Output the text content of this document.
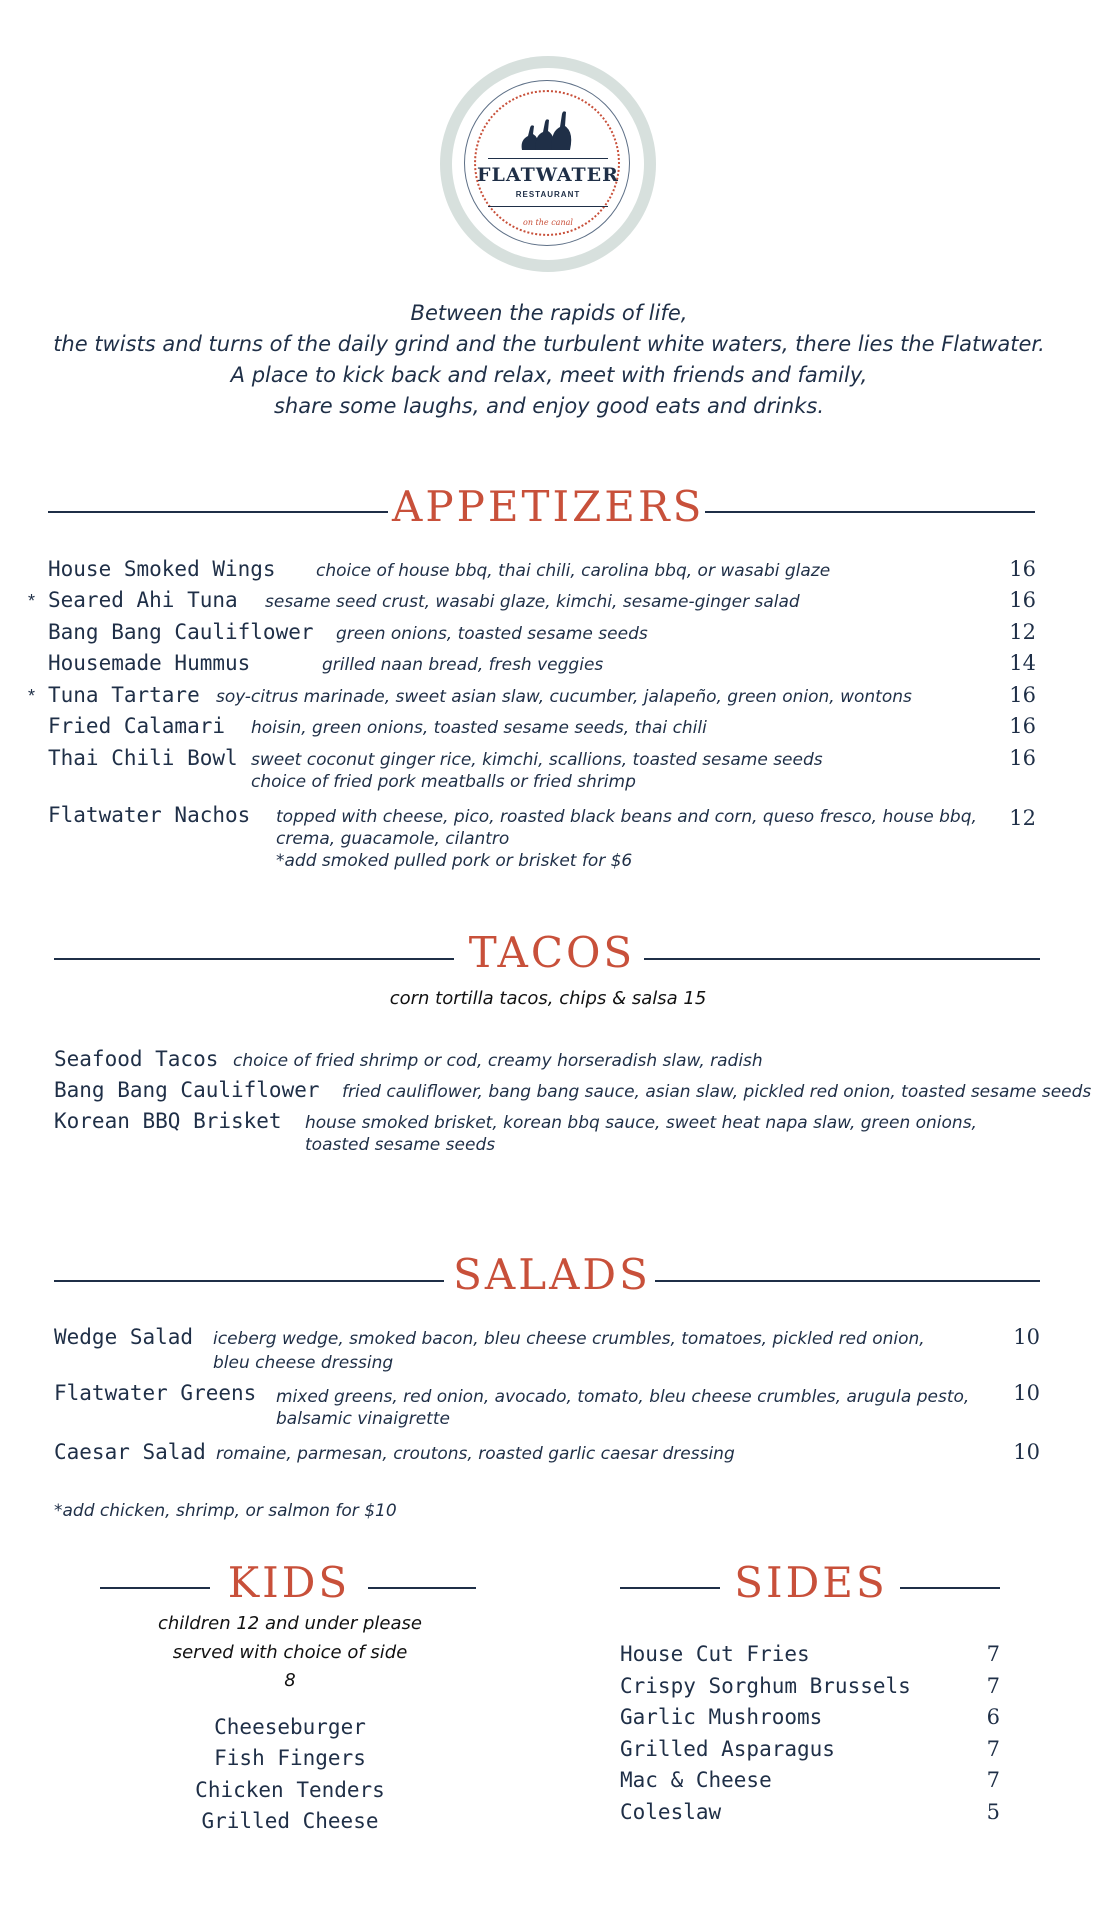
FLATWATER
RESTAURANT
on the canal
Between the rapids of life,
the twists and turns of the daily grind and the turbulent white waters, there lies the Flatwater.
A place to kick back and relax, meet with friends and family,
share some laughs, and enjoy good eats and drinks.
APPETIZERS
House Smoked Wings choice of house bbq, thai chili, carolina bbq, or wasabi glaze	16
* Seared Ahi Tuna sesame seed crust, wasabi glaze, kimchi, sesame-ginger salad	16
Bang Bang Cauliflower green onions, toasted sesame seeds	12
Housemade Hummus	grilled naan bread, fresh veggies	14
* Tuna Tartare soy-citrus marinade, sweet asian slaw, cucumber, jalapeño, green onion, wontons	16
Fried Calamari hoisin, green onions, toasted sesame seeds, thai chili	16
Thai Chili Bowl sweet coconut ginger rice, kimchi, scallions, toasted sesame seeds
choice of fried pork meatballs or fried shrimp
16
Flatwater Nachos topped with cheese, pico, roasted black beans and corn, queso fresco, house bbq,
crema, guacamole, cilantro
*add smoked pulled pork or brisket for $6
12
TACOS
corn tortilla tacos, chips & salsa 15
Seafood Tacos choice of fried shrimp or cod, creamy horseradish slaw, radish
Bang Bang Cauliflower fried cauliflower, bang bang sauce, asian slaw, pickled red onion, toasted sesame seeds
Korean BBQ Brisket house smoked brisket, korean bbq sauce, sweet heat napa slaw, green onions,
toasted sesame seeds
SALADS
Wedge Salad iceberg wedge, smoked bacon, bleu cheese crumbles, tomatoes, pickled red onion,
bleu cheese dressing
10
Flatwater Greens mixed greens, red onion, avocado, tomato, bleu cheese crumbles, arugula pesto,
balsamic vinaigrette
10
Caesar Salad romaine, parmesan, croutons, roasted garlic caesar dressing	10
*add chicken, shrimp, or salmon for $10
KIDS
children 12 and under please
served with choice of side
8
Cheeseburger
Fish Fingers
Chicken Tenders
Grilled Cheese
SIDES
House Cut Fries	7
Crispy Sorghum Brussels	7
Garlic Mushrooms	6
Grilled Asparagus	7
Mac & Cheese	7
Coleslaw	5
